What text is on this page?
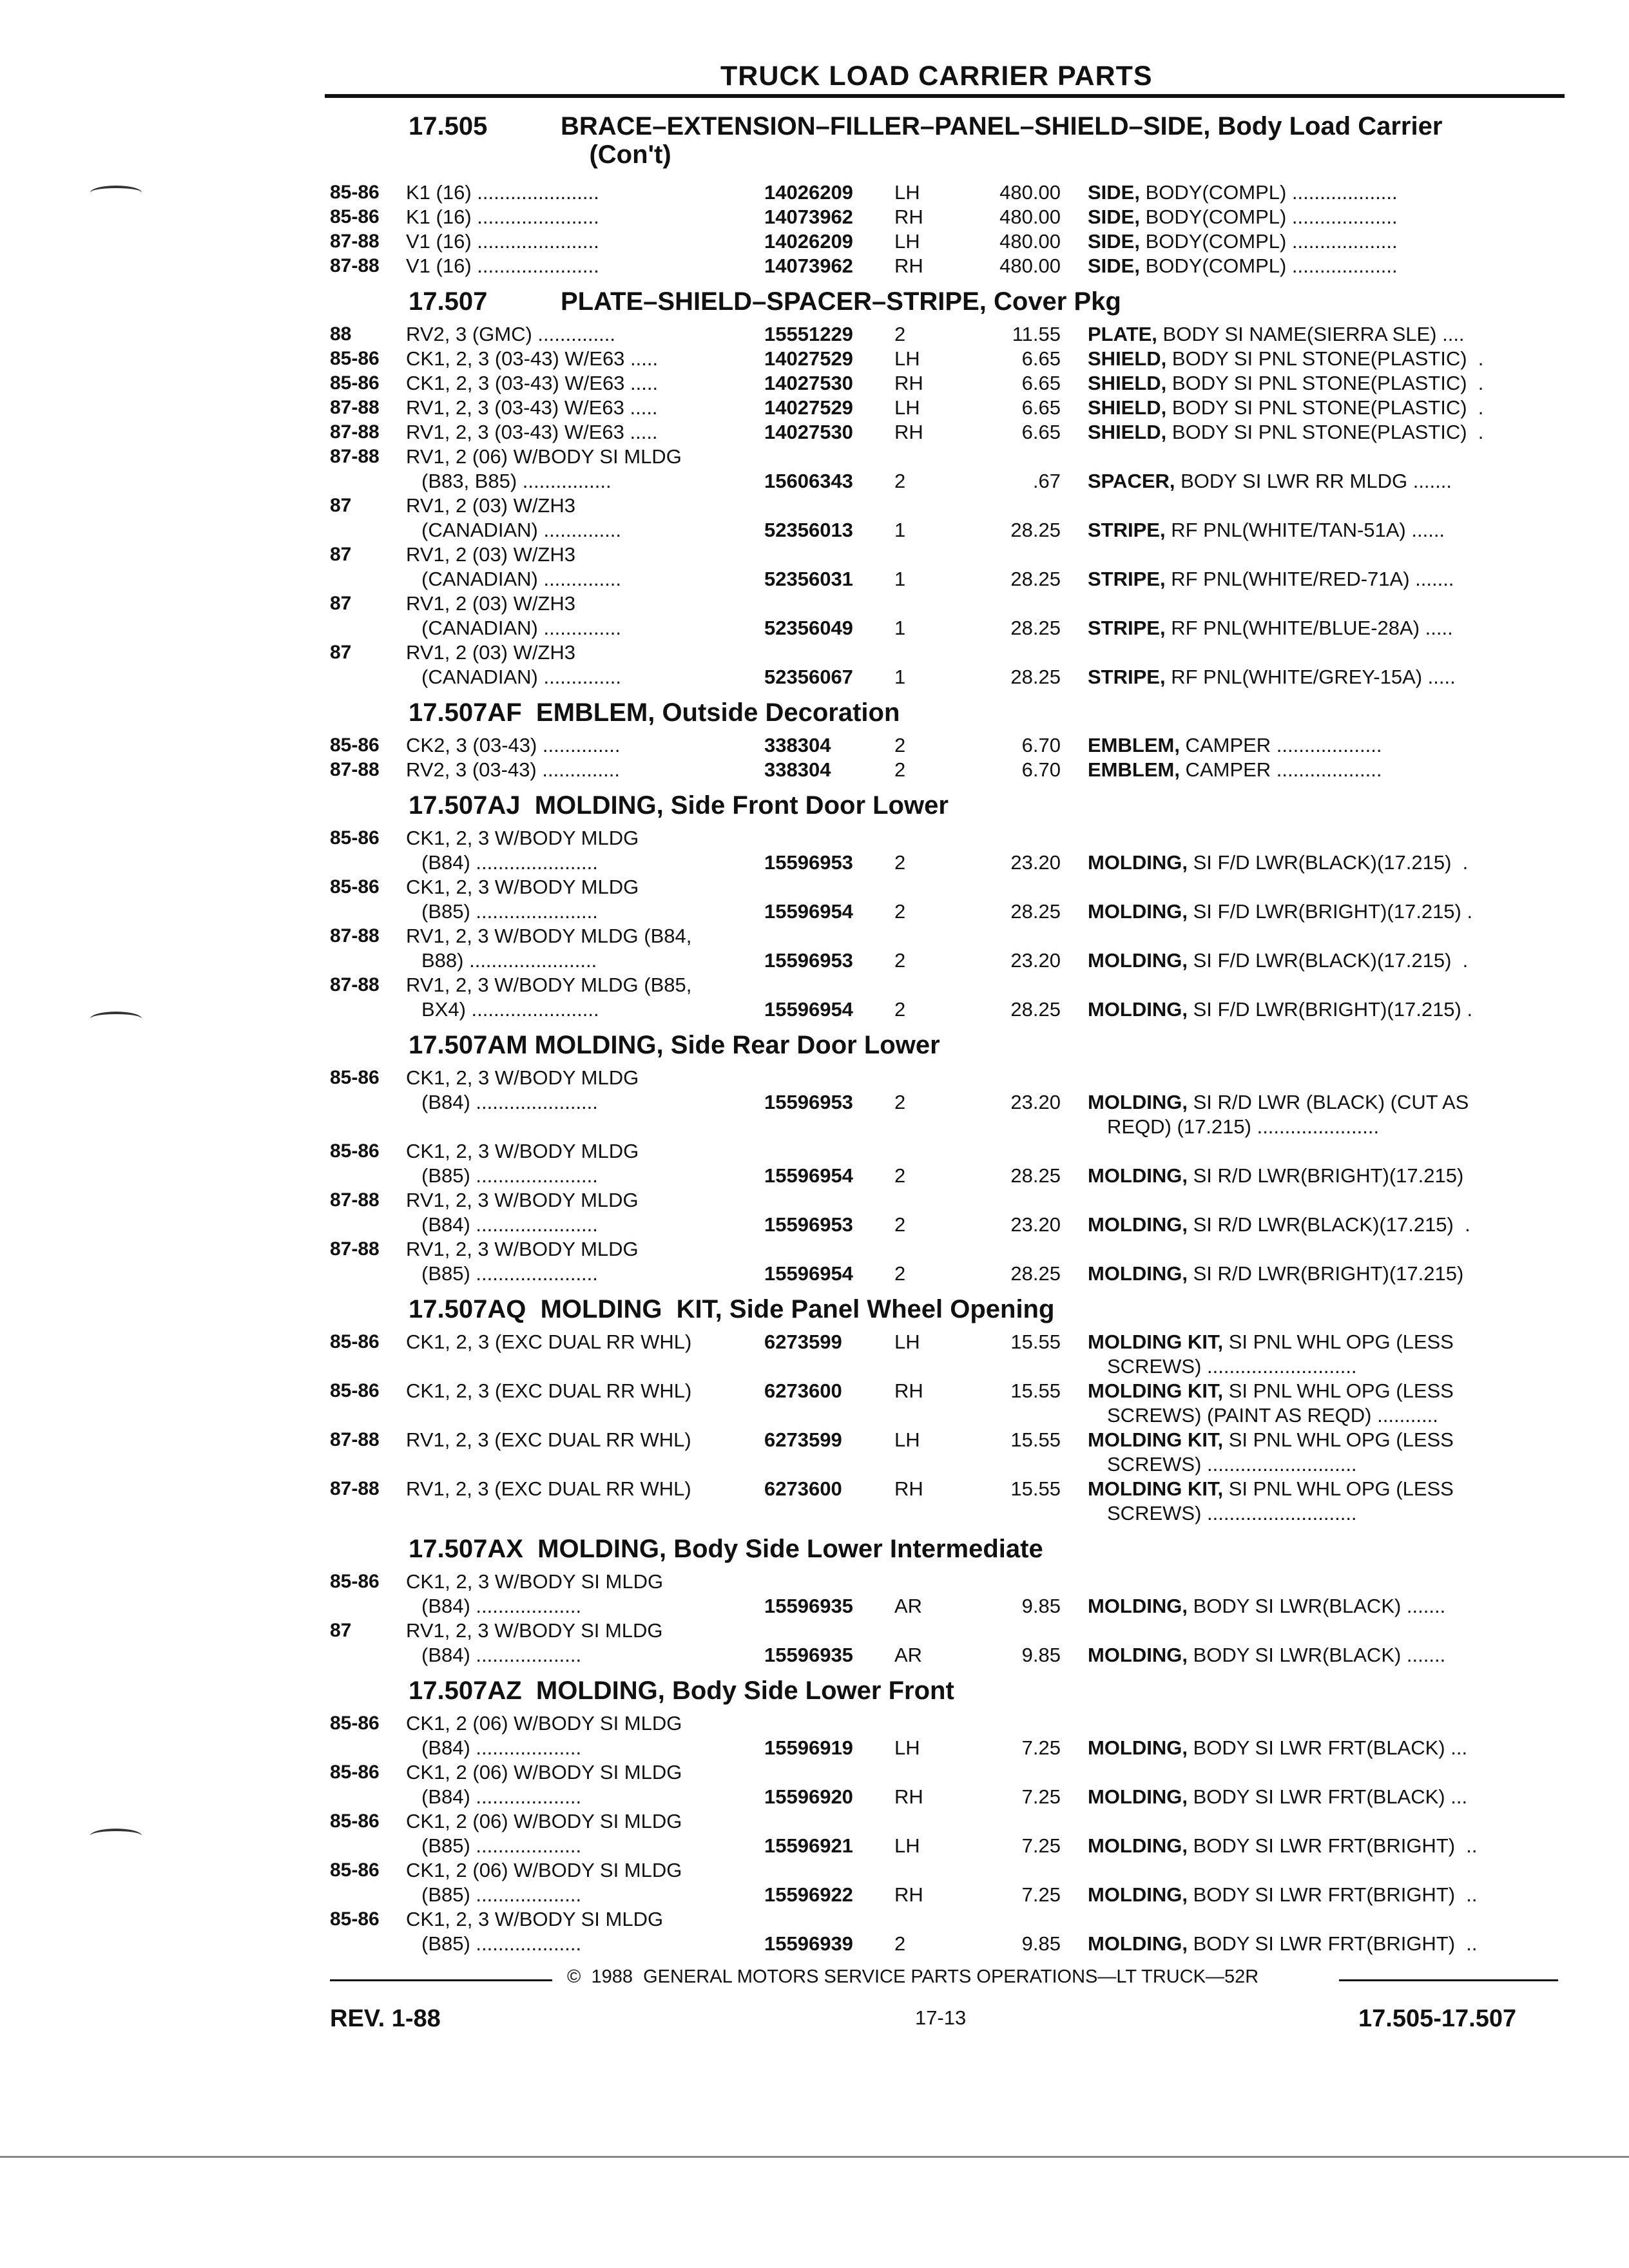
TRUCK LOAD CARRIER PARTS
17.505	BRACE–EXTENSION–FILLER–PANEL–SHIELD–SIDE, Body Load Carrier
(Con't)
85-86 K1 (16) ......................	14026209 LH	480.00 SIDE, BODY(COMPL) ...................
85-86 K1 (16) ......................	14073962 RH	480.00 SIDE, BODY(COMPL) ...................
87-88 V1 (16) ......................	14026209 LH	480.00 SIDE, BODY(COMPL) ...................
87-88 V1 (16) ......................	14073962 RH	480.00 SIDE, BODY(COMPL) ...................
17.507	PLATE–SHIELD–SPACER–STRIPE, Cover Pkg
88	RV2, 3 (GMC) ..............	15551229 2	11.55 PLATE, BODY SI NAME(SIERRA SLE) ....
85-86 CK1, 2, 3 (03-43) W/E63 .....	14027529 LH	6.65 SHIELD, BODY SI PNL STONE(PLASTIC)  .
85-86 CK1, 2, 3 (03-43) W/E63 .....	14027530 RH	6.65 SHIELD, BODY SI PNL STONE(PLASTIC)  .
87-88 RV1, 2, 3 (03-43) W/E63 .....	14027529 LH	6.65 SHIELD, BODY SI PNL STONE(PLASTIC)  .
87-88 RV1, 2, 3 (03-43) W/E63 .....	14027530 RH	6.65 SHIELD, BODY SI PNL STONE(PLASTIC)  .
87-88 RV1, 2 (06) W/BODY SI MLDG
(B83, B85) ................	15606343 2	.67 SPACER, BODY SI LWR RR MLDG .......
87	RV1, 2 (03) W/ZH3
(CANADIAN) ..............	52356013 1	28.25 STRIPE, RF PNL(WHITE/TAN-51A) ......
87	RV1, 2 (03) W/ZH3
(CANADIAN) ..............	52356031 1	28.25 STRIPE, RF PNL(WHITE/RED-71A) .......
87	RV1, 2 (03) W/ZH3
(CANADIAN) ..............	52356049 1	28.25 STRIPE, RF PNL(WHITE/BLUE-28A) .....
87	RV1, 2 (03) W/ZH3
(CANADIAN) ..............	52356067 1	28.25 STRIPE, RF PNL(WHITE/GREY-15A) .....
17.507AF  EMBLEM, Outside Decoration
85-86 CK2, 3 (03-43) ..............	338304	2	6.70 EMBLEM, CAMPER ...................
87-88 RV2, 3 (03-43) ..............	338304	2	6.70 EMBLEM, CAMPER ...................
17.507AJ  MOLDING, Side Front Door Lower
85-86 CK1, 2, 3 W/BODY MLDG
(B84) ......................	15596953 2	23.20 MOLDING, SI F/D LWR(BLACK)(17.215)  .
85-86 CK1, 2, 3 W/BODY MLDG
(B85) ......................	15596954 2	28.25 MOLDING, SI F/D LWR(BRIGHT)(17.215) .
87-88 RV1, 2, 3 W/BODY MLDG (B84,
B88) .......................	15596953 2	23.20 MOLDING, SI F/D LWR(BLACK)(17.215)  .
87-88 RV1, 2, 3 W/BODY MLDG (B85,
BX4) .......................	15596954 2	28.25 MOLDING, SI F/D LWR(BRIGHT)(17.215) .
17.507AM MOLDING, Side Rear Door Lower
85-86 CK1, 2, 3 W/BODY MLDG
(B84) ......................	15596953 2	23.20 MOLDING, SI R/D LWR (BLACK) (CUT AS
REQD) (17.215) ......................
85-86 CK1, 2, 3 W/BODY MLDG
(B85) ......................	15596954 2	28.25 MOLDING, SI R/D LWR(BRIGHT)(17.215)
87-88 RV1, 2, 3 W/BODY MLDG
(B84) ......................	15596953 2	23.20 MOLDING, SI R/D LWR(BLACK)(17.215)  .
87-88 RV1, 2, 3 W/BODY MLDG
(B85) ......................	15596954 2	28.25 MOLDING, SI R/D LWR(BRIGHT)(17.215)
17.507AQ  MOLDING  KIT, Side Panel Wheel Opening
85-86 CK1, 2, 3 (EXC DUAL RR WHL)	6273599	LH	15.55 MOLDING KIT, SI PNL WHL OPG (LESS
SCREWS) ...........................
85-86 CK1, 2, 3 (EXC DUAL RR WHL)	6273600	RH	15.55 MOLDING KIT, SI PNL WHL OPG (LESS
SCREWS) (PAINT AS REQD) ...........
87-88 RV1, 2, 3 (EXC DUAL RR WHL)	6273599	LH	15.55 MOLDING KIT, SI PNL WHL OPG (LESS
SCREWS) ...........................
87-88 RV1, 2, 3 (EXC DUAL RR WHL)	6273600	RH	15.55 MOLDING KIT, SI PNL WHL OPG (LESS
SCREWS) ...........................
17.507AX  MOLDING, Body Side Lower Intermediate
85-86 CK1, 2, 3 W/BODY SI MLDG
(B84) ...................	15596935 AR	9.85 MOLDING, BODY SI LWR(BLACK) .......
87	RV1, 2, 3 W/BODY SI MLDG
(B84) ...................	15596935 AR	9.85 MOLDING, BODY SI LWR(BLACK) .......
17.507AZ  MOLDING, Body Side Lower Front
85-86 CK1, 2 (06) W/BODY SI MLDG
(B84) ...................	15596919 LH	7.25 MOLDING, BODY SI LWR FRT(BLACK) ...
85-86 CK1, 2 (06) W/BODY SI MLDG
(B84) ...................	15596920 RH	7.25 MOLDING, BODY SI LWR FRT(BLACK) ...
85-86 CK1, 2 (06) W/BODY SI MLDG
(B85) ...................	15596921 LH	7.25 MOLDING, BODY SI LWR FRT(BRIGHT)  ..
85-86 CK1, 2 (06) W/BODY SI MLDG
(B85) ...................	15596922 RH	7.25 MOLDING, BODY SI LWR FRT(BRIGHT)  ..
85-86 CK1, 2, 3 W/BODY SI MLDG
(B85) ...................	15596939 2	9.85 MOLDING, BODY SI LWR FRT(BRIGHT)  ..
©  1988  GENERAL MOTORS SERVICE PARTS OPERATIONS—LT TRUCK—52R
REV. 1-88	17-13	17.505-17.507
